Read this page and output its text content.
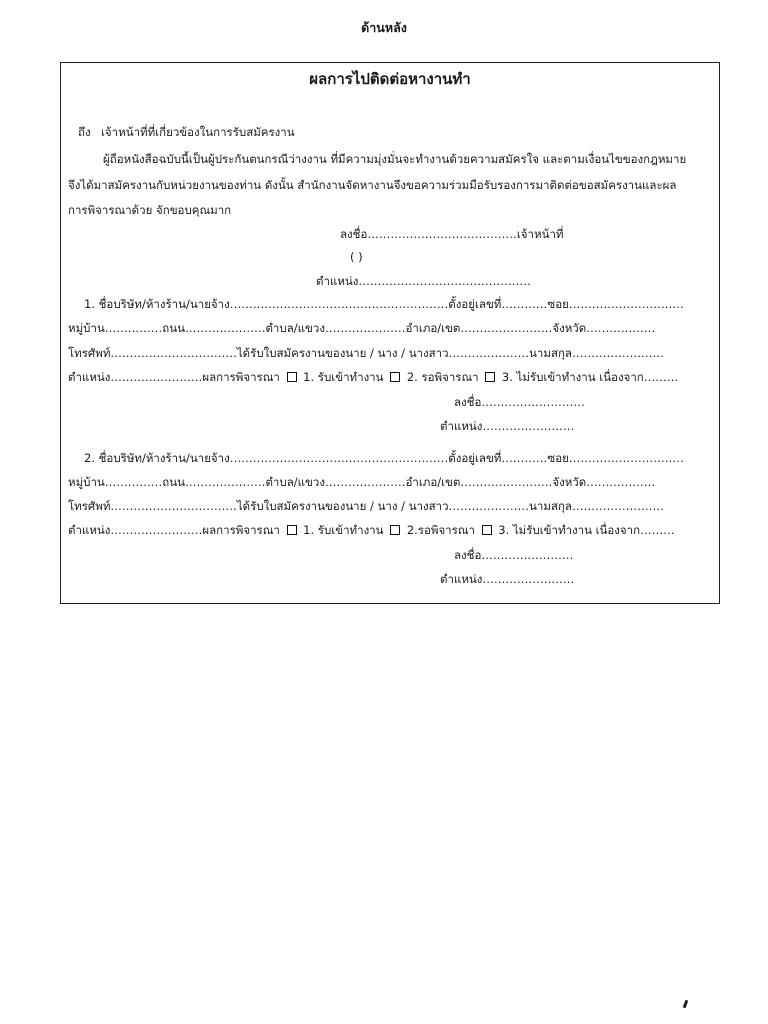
ด้านหลัง
ผลการไปติดต่อหางานทำ
ถึง เจ้าหน้าที่ที่เกี่ยวข้องในการรับสมัครงาน
ผู้ถือหนังสือฉบับนี้เป็นผู้ประกันตนกรณีว่างงาน ที่มีความมุ่งมั่นจะทำงานด้วยความสมัครใจ และตามเงื่อนไขของกฎหมาย
จึงได้มาสมัครงานกับหน่วยงานของท่าน ดังนั้น สำนักงานจัดหางานจึงขอความร่วมมือรับรองการมาติดต่อขอสมัครงานและผล
การพิจารณาด้วย จักขอบคุณมาก
ลงชื่อ…………………………………เจ้าหน้าที่
( )
ตำแหน่ง………………………………………
1. ชื่อบริษัท/ห้างร้าน/นายจ้าง…………………………………………………ตั้งอยู่เลขที่…………ซอย…………………………
หมู่บ้าน……………ถนน…………………ตำบล/แขวง…………………อำเภอ/เขต……………………จังหวัด………………
โทรศัพท์……………………………ได้รับใบสมัครงานของนาย / นาง / นางสาว…………………นามสกุล……………………
ตำแหน่ง……………………ผลการพิจารณา 1. รับเข้าทำงาน 2. รอพิจารณา 3. ไม่รับเข้าทำงาน เนื่องจาก………
ลงชื่อ………………………
ตำแหน่ง……………………
2. ชื่อบริษัท/ห้างร้าน/นายจ้าง…………………………………………………ตั้งอยู่เลขที่…………ซอย…………………………
หมู่บ้าน……………ถนน…………………ตำบล/แขวง…………………อำเภอ/เขต……………………จังหวัด………………
โทรศัพท์……………………………ได้รับใบสมัครงานของนาย / นาง / นางสาว…………………นามสกุล……………………
ตำแหน่ง……………………ผลการพิจารณา 1. รับเข้าทำงาน 2.รอพิจารณา 3. ไม่รับเข้าทำงาน เนื่องจาก………
ลงชื่อ……………………
ตำแหน่ง……………………
